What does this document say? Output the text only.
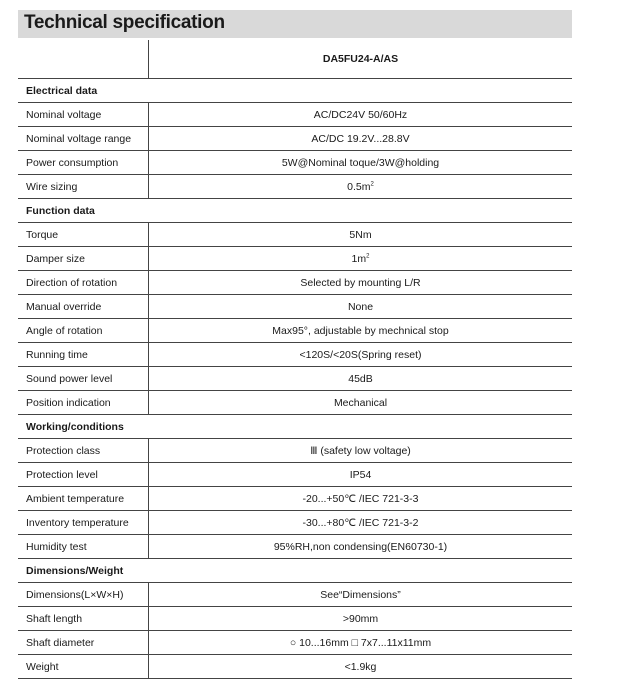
Technical specification
	DA5FU24-A/AS
Electrical data	
Nominal voltage	AC/DC24V 50/60Hz
Nominal voltage range	AC/DC 19.2V...28.8V
Power consumption	5W@Nominal toque/3W@holding
Wire sizing	$0.5m^2$
Function data	
Torque	5Nm
Damper size	$1m^2$
Direction of rotation	Selected by mounting L/R
Manual override	None
Angle of rotation	Max95°, adjustable by mechnical stop
Running time	<120S/<20S(Spring reset)
Sound power level	45dB
Position indication	Mechanical
Working/conditions	
Protection class	Ⅲ (safety low voltage)
Protection level	IP54
Ambient temperature	-20...+50℃ /IEC 721-3-3
Inventory temperature	-30...+80℃ /IEC 721-3-2
Humidity test	95%RH,non condensing(EN60730-1)
Dimensions/Weight	
Dimensions(L×W×H)	See“Dimensions”
Shaft length	>90mm
Shaft diameter	○ 10...16mm □ 7x7...11x11mm
Weight	<1.9kg
